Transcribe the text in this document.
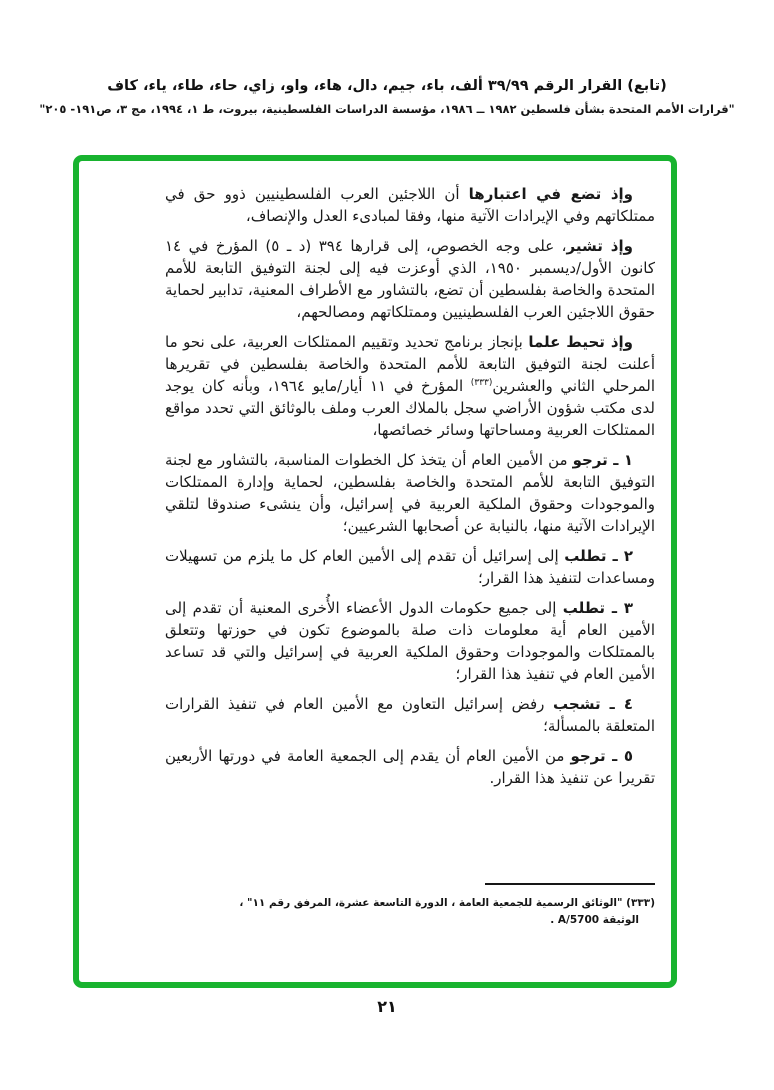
(تابع) القرار الرقم ٣٩/٩٩ ألف، باء، جيم، دال، هاء، واو، زاي، حاء، طاء، ياء، كاف
"قرارات الأمم المتحدة بشأن فلسطين ١٩٨٢ ــ ١٩٨٦، مؤسسة الدراسات الفلسطينية، بيروت، ط ١، ١٩٩٤، مج ٣، ص١٩١- ٢٠٥"

وإذ تضع في اعتبارها أن اللاجئين العرب الفلسطينيين ذوو حق في ممتلكاتهم وفي الإيرادات الآتية منها، وفقا لمبادىء العدل والإنصاف،

وإذ تشير، على وجه الخصوص، إلى قرارها ٣٩٤ (د ـ ٥) المؤرخ في ١٤ كانون الأول/ديسمبر ١٩٥٠، الذي أوعزت فيه إلى لجنة التوفيق التابعة للأمم المتحدة والخاصة بفلسطين أن تضع، بالتشاور مع الأطراف المعنية، تدابير لحماية حقوق اللاجئين العرب الفلسطينيين وممتلكاتهم ومصالحهم،

وإذ تحيط علما بإنجاز برنامج تحديد وتقييم الممتلكات العربية، على نحو ما أعلنت لجنة التوفيق التابعة للأمم المتحدة والخاصة بفلسطين في تقريرها المرحلي الثاني والعشرين$^{(٣٣٣)}$ المؤرخ في ١١ أيار/مايو ١٩٦٤، وبأنه كان يوجد لدى مكتب شؤون الأراضي سجل بالملاك العرب وملف بالوثائق التي تحدد مواقع الممتلكات العربية ومساحاتها وسائر خصائصها،

١ ـ ترجو من الأمين العام أن يتخذ كل الخطوات المناسبة، بالتشاور مع لجنة التوفيق التابعة للأمم المتحدة والخاصة بفلسطين، لحماية وإدارة الممتلكات والموجودات وحقوق الملكية العربية في إسرائيل، وأن ينشىء صندوقا لتلقي الإيرادات الآتية منها، بالنيابة عن أصحابها الشرعيين؛

٢ ـ تطلب إلى إسرائيل أن تقدم إلى الأمين العام كل ما يلزم من تسهيلات ومساعدات لتنفيذ هذا القرار؛

٣ ـ تطلب إلى جميع حكومات الدول الأعضاء الأُخرى المعنية أن تقدم إلى الأمين العام أية معلومات ذات صلة بالموضوع تكون في حوزتها وتتعلق بالممتلكات والموجودات وحقوق الملكية العربية في إسرائيل والتي قد تساعد الأمين العام في تنفيذ هذا القرار؛

٤ ـ تشجب رفض إسرائيل التعاون مع الأمين العام في تنفيذ القرارات المتعلقة بالمسألة؛

٥ ـ ترجو من الأمين العام أن يقدم إلى الجمعية العامة في دورتها الأربعين تقريرا عن تنفيذ هذا القرار.

(٣٣٣) "الوثائق الرسمية للجمعية العامة ، الدورة التاسعة عشرة، المرفق رقم ١١" ،
الوثيقة A/5700 .
٢١
